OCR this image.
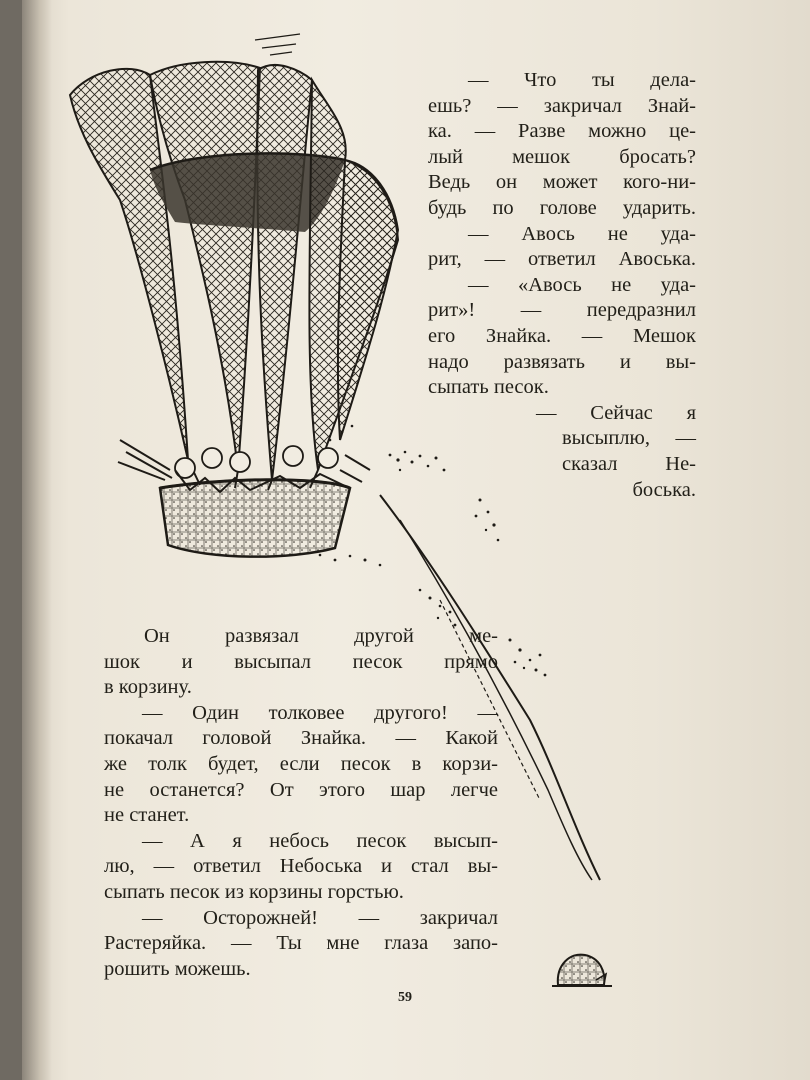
— Что ты дела-
ешь? — закричал Знай-
ка. — Разве можно це-
лый мешок бросать?
Ведь он может кого-ни-
будь по голове ударить.
— Авось не уда-
рит, — ответил Авоська.
— «Авось не уда-
рит»! — передразнил
его Знайка. — Мешок
надо развязать и вы-
сыпать песок.
— Сейчас я
высыплю, —
сказал Не-
боська.
Он развязал другой ме-
шок и высыпал песок прямо
в корзину.
— Один толковее другого! —
покачал головой Знайка. — Какой
же толк будет, если песок в корзи-
не останется? От этого шар легче
не станет.
— А я небось песок высып-
лю, — ответил Небоська и стал вы-
сыпать песок из корзины горстью.
— Осторожней! — закричал
Растеряйка. — Ты мне глаза запо-
рошить можешь.
59
